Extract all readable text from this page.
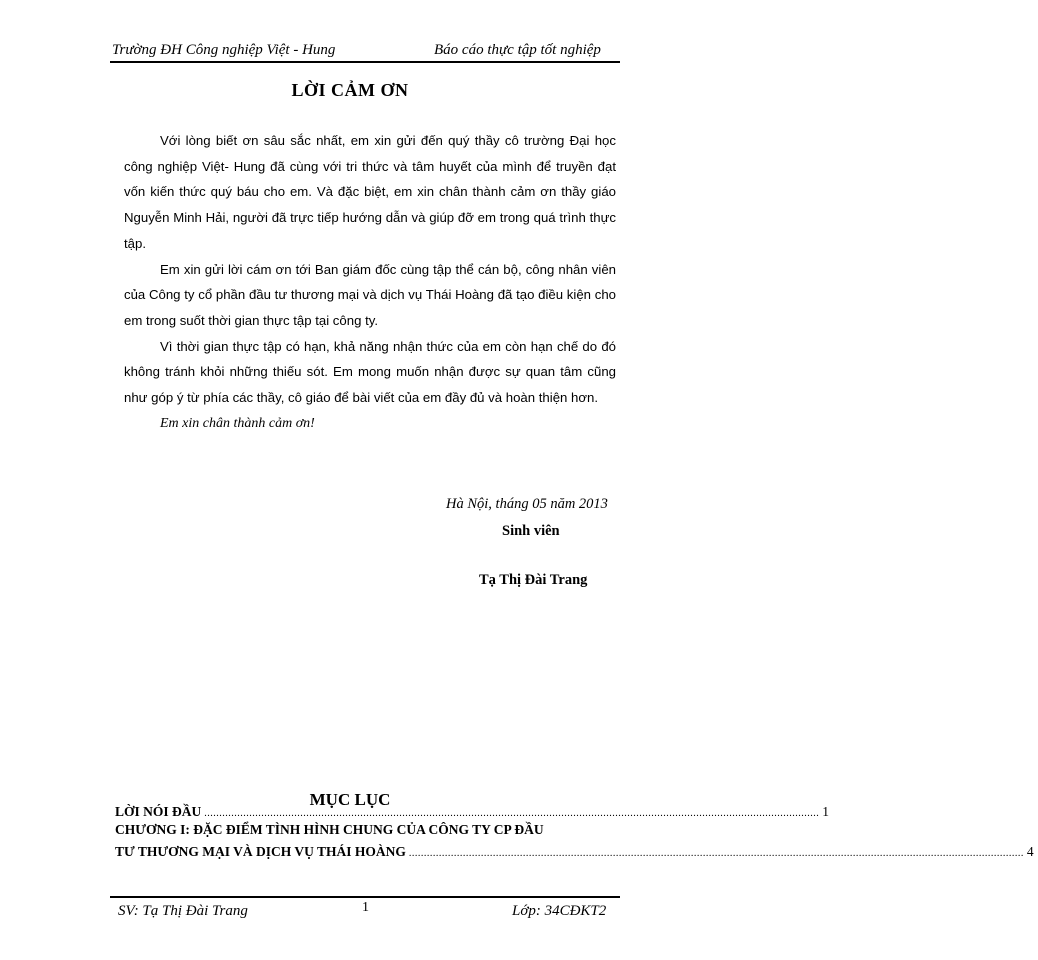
Trường ĐH Công nghiệp Việt - Hung	Báo cáo thực tập tốt nghiệp
LỜI CẢM ƠN

Với lòng biết ơn sâu sắc nhất, em xin gửi đến quý thầy cô trường Đại học công nghiệp Việt- Hung đã cùng với tri thức và tâm huyết của mình để truyền đạt vốn kiến thức quý báu cho em. Và đặc biệt, em xin chân thành cảm ơn thầy giáo Nguyễn Minh Hải, người đã trực tiếp hướng dẫn và giúp đỡ em trong quá trình thực tập.

Em xin gửi lời cám ơn tới Ban giám đốc cùng tập thể cán bộ, công nhân viên của Công ty cổ phần đầu tư thương mại và dịch vụ Thái Hoàng đã tạo điều kiện cho em trong suốt thời gian thực tập tại công ty.

Vì thời gian thực tập có hạn, khả năng nhận thức của em còn hạn chế do đó không tránh khỏi những thiếu sót. Em mong muốn nhận được sự quan tâm cũng như góp ý từ phía các thầy, cô giáo để bài viết của em đầy đủ và hoàn thiện hơn.

Em xin chân thành cảm ơn!

Hà Nội, tháng 05 năm 2013
Sinh viên
Tạ Thị Đài Trang
MỤC LỤC
LỜI NÓI ĐẦU ............................................................................................................................................................................................................. 1
CHƯƠNG I: ĐẶC ĐIỂM TÌNH HÌNH CHUNG CỦA CÔNG TY CP ĐẦU
TƯ THƯƠNG MẠI VÀ DỊCH VỤ THÁI HOÀNG ............................................................................................................................................................................................................. 4
SV: Tạ Thị Đài Trang	1	Lớp: 34CĐKT2
